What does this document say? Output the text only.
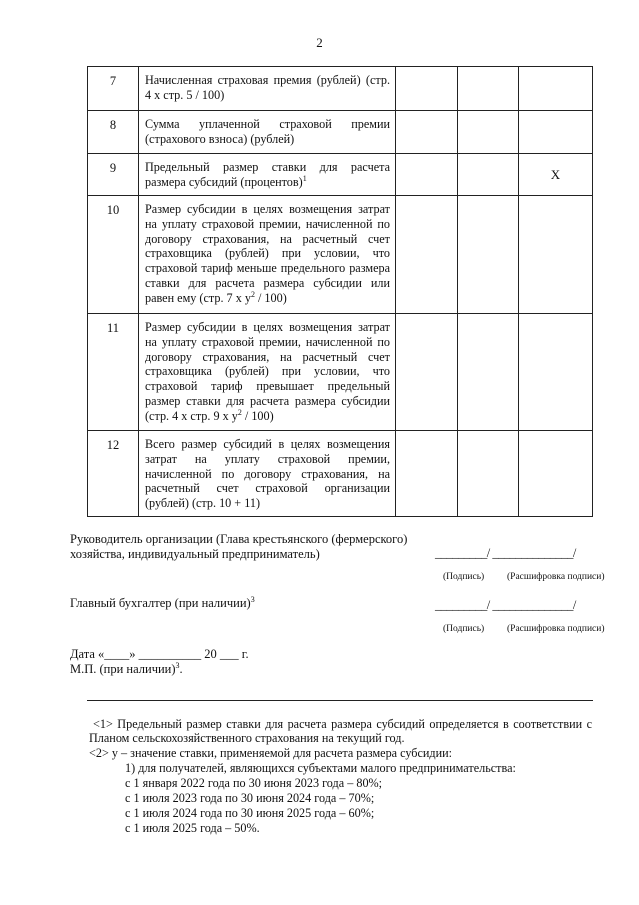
2
7	Начисленная страховая премия (рублей) (стр. 4 х стр. 5 / 100)			
8	Сумма уплаченной страховой премии (страхового взноса) (рублей)			
9	Предельный размер ставки для расчета размера субсидий (процентов)$^1$			Х
10	Размер субсидии в целях возмещения затрат на уплату страховой премии, начисленной по договору страхования, на расчетный счет страховщика (рублей) при условии, что страховой тариф меньше предельного размера ставки для расчета размера субсидии или равен ему (стр. 7 х $у^2 / 100$)			
11	Размер субсидии в целях возмещения затрат на уплату страховой премии, начисленной по договору страхования, на расчетный счет страховщика (рублей) при условии, что страховой тариф превышает предельный размер ставки для расчета размера субсидии (стр. 4 х стр. 9 х $у^2 / 100$)			
12	Всего размер субсидий в целях возмещения затрат на уплату страховой премии, начисленной по договору страхования, на расчетный счет страховой организации (рублей) (стр. 10 + 11)			
Руководитель организации (Глава крестьянского (фермерского) хозяйства, индивидуальный предприниматель)	_________/ ______________/
(Подпись) (Расшифровка подписи)
Главный бухгалтер (при наличии)$^3$	_________/ ______________/
(Подпись) (Расшифровка подписи)
Дата «____» __________ 20 ___ г.
М.П. (при наличии)$^3$.
<1> Предельный размер ставки для расчета размера субсидий определяется в соответствии с Планом сельскохозяйственного страхования на текущий год.
<2> у – значение ставки, применяемой для расчета размера субсидии:
1) для получателей, являющихся субъектами малого предпринимательства:
с 1 января 2022 года по 30 июня 2023 года – 80%;
с 1 июля 2023 года по 30 июня 2024 года – 70%;
с 1 июля 2024 года по 30 июня 2025 года – 60%;
с 1 июля 2025 года – 50%.
